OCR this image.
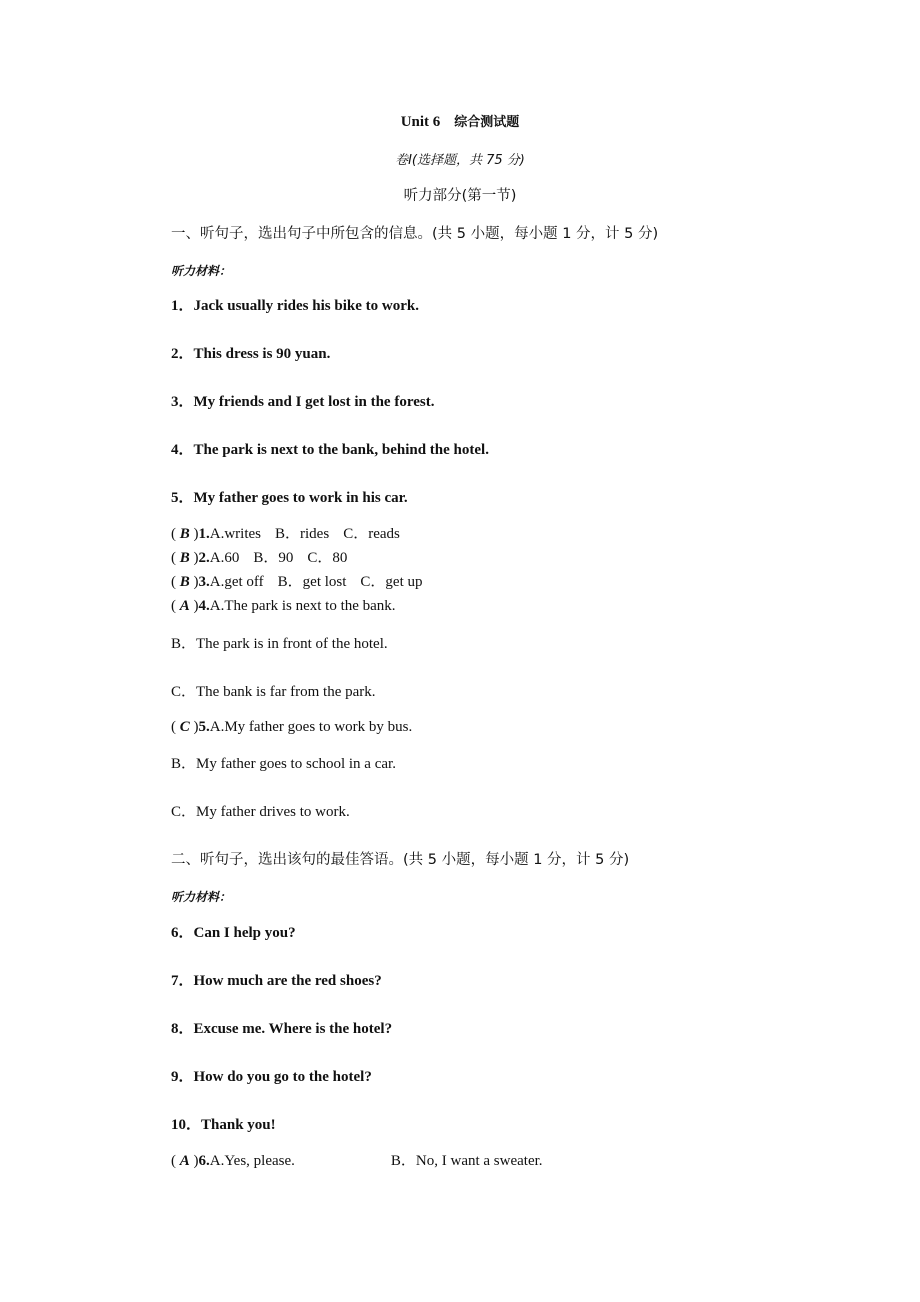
Unit 6 综合测试题
卷Ⅰ(选择题，共 75 分)
听力部分(第一节)
一、听句子，选出句子中所包含的信息。(共 5 小题，每小题 1 分，计 5 分)
听力材料：
1．Jack usually rides his bike to work.
2．This dress is 90 yuan.
3．My friends and I get lost in the forest.
4．The park is next to the bank, behind the hotel.
5．My father goes to work in his car.
( B )1.A.writes B．rides C．reads
( B )2.A.60 B．90 C．80
( B )3.A.get off B．get lost C．get up
( A )4.A.The park is next to the bank.
B．The park is in front of the hotel.
C．The bank is far from the park.
( C )5.A.My father goes to work by bus.
B．My father goes to school in a car.
C．My father drives to work.
二、听句子，选出该句的最佳答语。(共 5 小题，每小题 1 分，计 5 分)
听力材料：
6．Can I help you?
7．How much are the red shoes?
8．Excuse me. Where is the hotel?
9．How do you go to the hotel?
10．Thank you!
( A )6.A.Yes, please.	B．No, I want a sweater.
